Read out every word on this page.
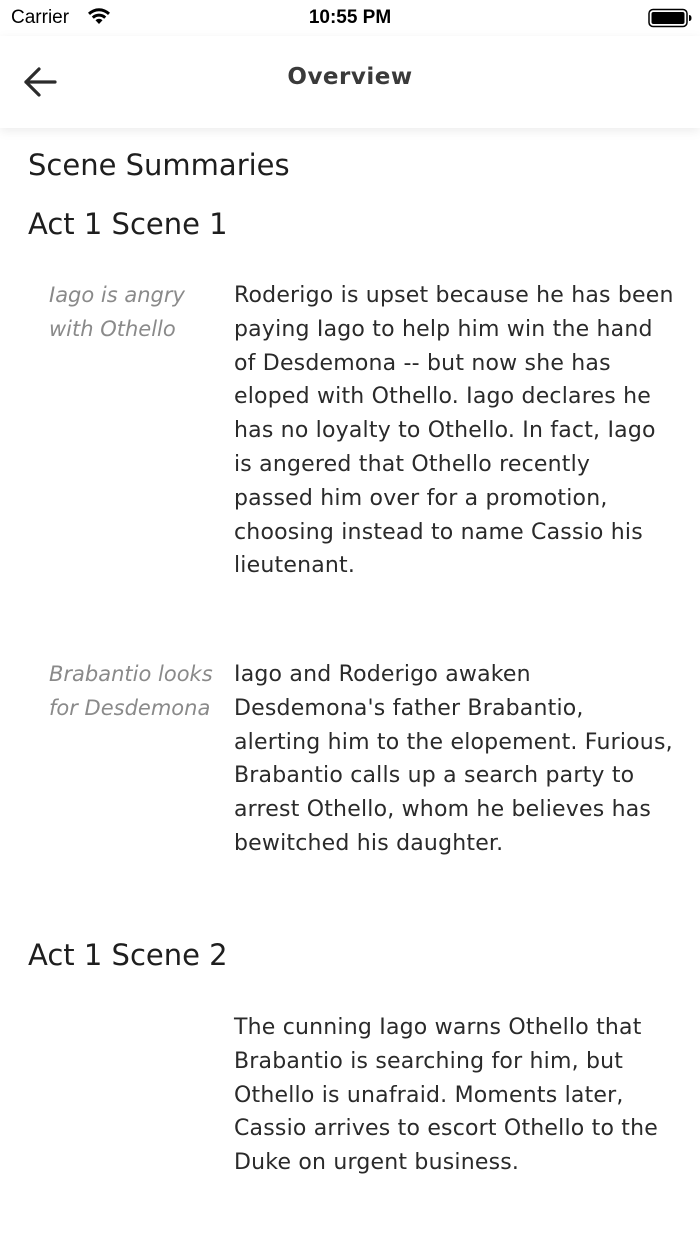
Carrier	10:55 PM
Overview
Scene Summaries
Act 1 Scene 1
Iago is angry with Othello
Roderigo is upset because he has been paying Iago to help him win the hand of Desdemona -- but now she has eloped with Othello. Iago declares he has no loyalty to Othello. In fact, Iago is angered that Othello recently passed him over for a promotion, choosing instead to name Cassio his lieutenant.
Brabantio looks for Desdemona
Iago and Roderigo awaken Desdemona's father Brabantio, alerting him to the elopement. Furious, Brabantio calls up a search party to arrest Othello, whom he believes has bewitched his daughter.
Act 1 Scene 2
The cunning Iago warns Othello that Brabantio is searching for him, but Othello is unafraid. Moments later, Cassio arrives to escort Othello to the Duke on urgent business.
